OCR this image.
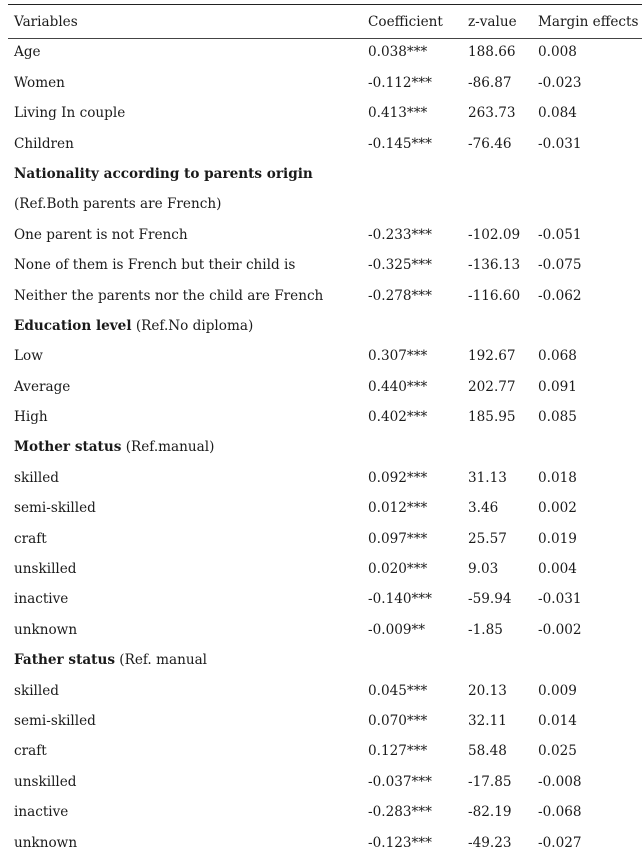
Variables	Coefficient	z-value	Margin effects
Age	0.038***	188.66	0.008
Women	-0.112***	-86.87	-0.023
Living In couple	0.413***	263.73	0.084
Children	-0.145***	-76.46	-0.031
Nationality according to parents origin			
(Ref.Both parents are French)			
One parent is not French	-0.233***	-102.09	-0.051
None of them is French but their child is	-0.325***	-136.13	-0.075
Neither the parents nor the child are French	-0.278***	-116.60	-0.062
Education level (Ref.No diploma)			
Low	0.307***	192.67	0.068
Average	0.440***	202.77	0.091
High	0.402***	185.95	0.085
Mother status (Ref.manual)			
skilled	0.092***	31.13	0.018
semi-skilled	0.012***	3.46	0.002
craft	0.097***	25.57	0.019
unskilled	0.020***	9.03	0.004
inactive	-0.140***	-59.94	-0.031
unknown	-0.009**	-1.85	-0.002
Father status (Ref. manual			
skilled	0.045***	20.13	0.009
semi-skilled	0.070***	32.11	0.014
craft	0.127***	58.48	0.025
unskilled	-0.037***	-17.85	-0.008
inactive	-0.283***	-82.19	-0.068
unknown	-0.123***	-49.23	-0.027
